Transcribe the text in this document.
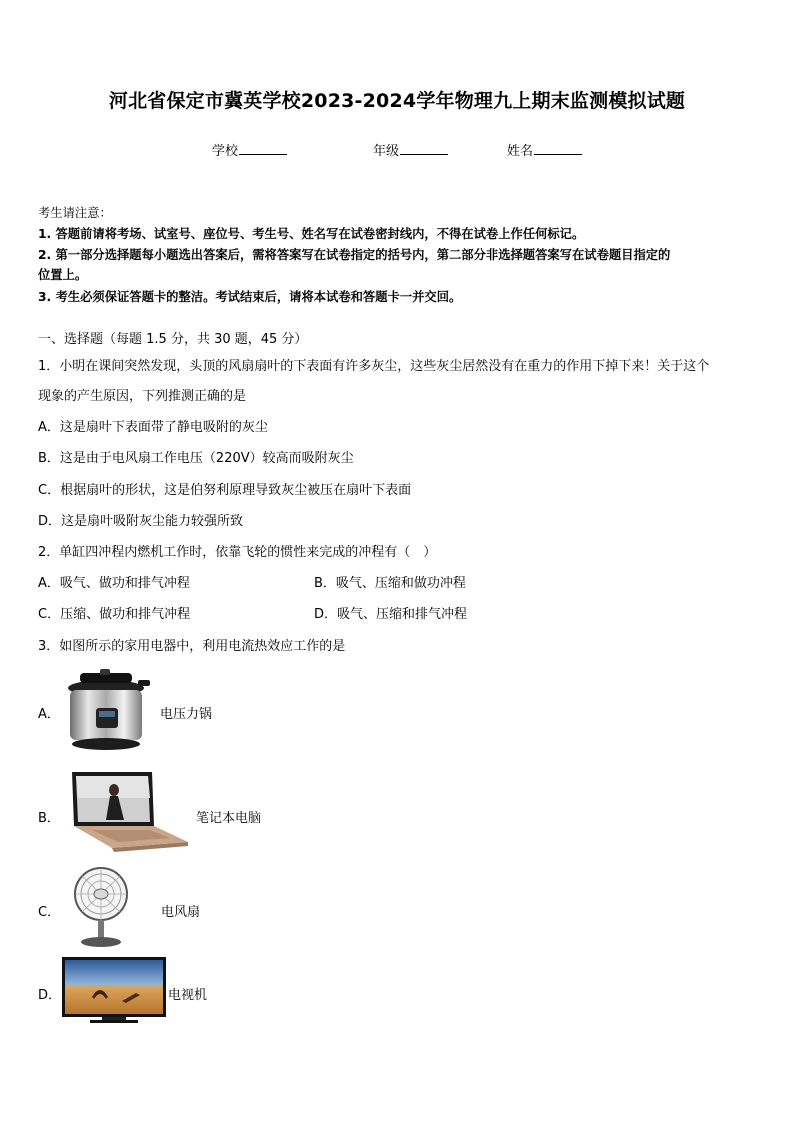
河北省保定市冀英学校2023-2024学年物理九上期末监测模拟试题
学校	年级	姓名
考生请注意：
1. 答题前请将考场、试室号、座位号、考生号、姓名写在试卷密封线内，不得在试卷上作任何标记。
2. 第一部分选择题每小题选出答案后，需将答案写在试卷指定的括号内，第二部分非选择题答案写在试卷题目指定的
位置上。
3. 考生必须保证答题卡的整洁。考试结束后，请将本试卷和答题卡一并交回。
一、选择题（每题 1.5 分，共 30 题，45 分）
1．小明在课间突然发现，头顶的风扇扇叶的下表面有许多灰尘，这些灰尘居然没有在重力的作用下掉下来！关于这个
现象的产生原因，下列推测正确的是
A．这是扇叶下表面带了静电吸附的灰尘
B．这是由于电风扇工作电压（220V）较高而吸附灰尘
C．根据扇叶的形状，这是伯努利原理导致灰尘被压在扇叶下表面
D．这是扇叶吸附灰尘能力较强所致
2．单缸四冲程内燃机工作时，依靠飞轮的惯性来完成的冲程有（　）
A．吸气、做功和排气冲程	B．吸气、压缩和做功冲程
C．压缩、做功和排气冲程	D．吸气、压缩和排气冲程
3．如图所示的家用电器中，利用电流热效应工作的是
A．	电压力锅
B．	笔记本电脑
C．	电风扇
D．	电视机
